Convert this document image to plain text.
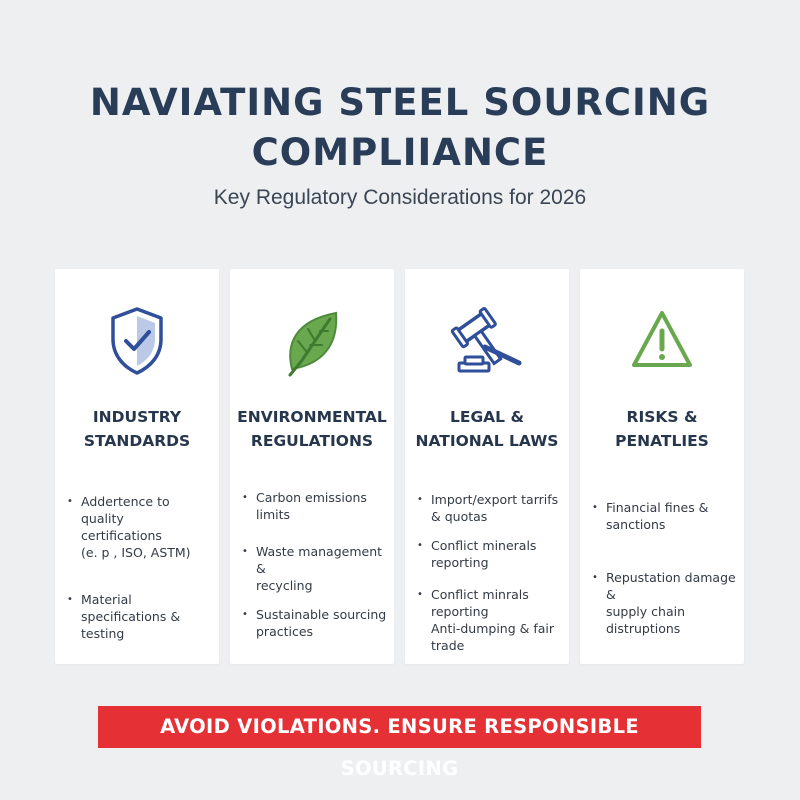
NAVIATING STEEL SOURCING
COMPLIIANCE
Key Regulatory Considerations for 2026
INDUSTRY
STANDARDS
• Addertence to quality
certifications
(e. p , ISO, ASTM)
• Material specifications &
testing
ENVIRONMENTAL
REGULATIONS
• Carbon emissions limits
• Waste management &
recycling
• Sustainable sourcing
practices
LEGAL &
NATIONAL LAWS
• Import/export tarrifs
& quotas
• Conflict minerals reporting
• Conflict minrals reporting
Anti-dumping & fair trade
RISKS &
PENATLIES
• Financial fines &
sanctions
• Repustation damage &
supply chain distruptions
AVOID VIOLATIONS. ENSURE RESPONSIBLE SOURCING
